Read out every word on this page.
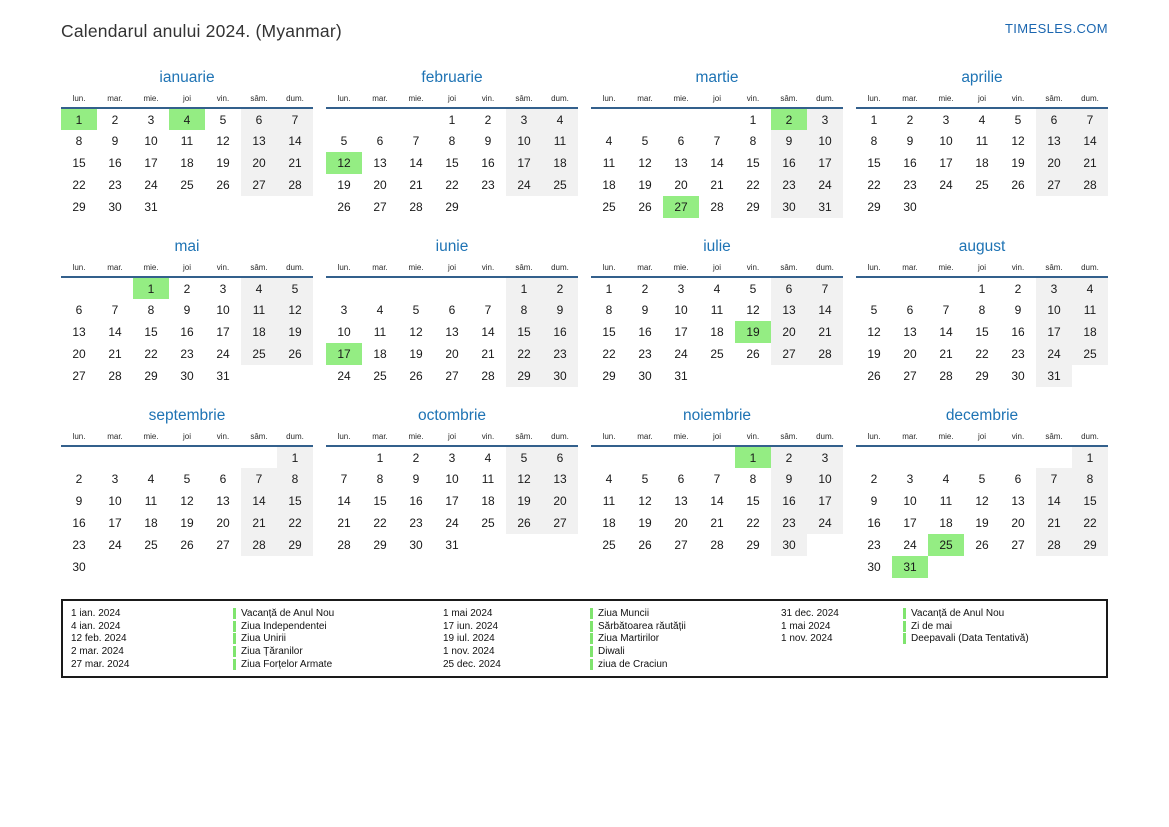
Calendarul anului 2024. (Myanmar)	TIMESLES.COM
ianuarie
lun.	mar.	mie.	joi	vin.	sâm.	dum.
1	2	3	4	5	6	7
8	9	10	11	12	13	14
15	16	17	18	19	20	21
22	23	24	25	26	27	28
29	30	31				
februarie
lun.	mar.	mie.	joi	vin.	sâm.	dum.
			1	2	3	4
5	6	7	8	9	10	11
12	13	14	15	16	17	18
19	20	21	22	23	24	25
26	27	28	29			
martie
lun.	mar.	mie.	joi	vin.	sâm.	dum.
				1	2	3
4	5	6	7	8	9	10
11	12	13	14	15	16	17
18	19	20	21	22	23	24
25	26	27	28	29	30	31
aprilie
lun.	mar.	mie.	joi	vin.	sâm.	dum.
1	2	3	4	5	6	7
8	9	10	11	12	13	14
15	16	17	18	19	20	21
22	23	24	25	26	27	28
29	30					
mai
lun.	mar.	mie.	joi	vin.	sâm.	dum.
		1	2	3	4	5
6	7	8	9	10	11	12
13	14	15	16	17	18	19
20	21	22	23	24	25	26
27	28	29	30	31		
iunie
lun.	mar.	mie.	joi	vin.	sâm.	dum.
					1	2
3	4	5	6	7	8	9
10	11	12	13	14	15	16
17	18	19	20	21	22	23
24	25	26	27	28	29	30
iulie
lun.	mar.	mie.	joi	vin.	sâm.	dum.
1	2	3	4	5	6	7
8	9	10	11	12	13	14
15	16	17	18	19	20	21
22	23	24	25	26	27	28
29	30	31				
august
lun.	mar.	mie.	joi	vin.	sâm.	dum.
			1	2	3	4
5	6	7	8	9	10	11
12	13	14	15	16	17	18
19	20	21	22	23	24	25
26	27	28	29	30	31	
septembrie
lun.	mar.	mie.	joi	vin.	sâm.	dum.
						1
2	3	4	5	6	7	8
9	10	11	12	13	14	15
16	17	18	19	20	21	22
23	24	25	26	27	28	29
30						
octombrie
lun.	mar.	mie.	joi	vin.	sâm.	dum.
	1	2	3	4	5	6
7	8	9	10	11	12	13
14	15	16	17	18	19	20
21	22	23	24	25	26	27
28	29	30	31			
noiembrie
lun.	mar.	mie.	joi	vin.	sâm.	dum.
				1	2	3
4	5	6	7	8	9	10
11	12	13	14	15	16	17
18	19	20	21	22	23	24
25	26	27	28	29	30	
decembrie
lun.	mar.	mie.	joi	vin.	sâm.	dum.
						1
2	3	4	5	6	7	8
9	10	11	12	13	14	15
16	17	18	19	20	21	22
23	24	25	26	27	28	29
30	31					
1 ian. 2024	Vacanță de Anul Nou
4 ian. 2024	Ziua Independentei
12 feb. 2024	Ziua Unirii
2 mar. 2024	Ziua Țăranilor
27 mar. 2024	Ziua Forțelor Armate
1 mai 2024	Ziua Muncii
17 iun. 2024	Sărbătoarea răutății
19 iul. 2024	Ziua Martirilor
1 nov. 2024	Diwali
25 dec. 2024	ziua de Craciun
31 dec. 2024	Vacanță de Anul Nou
1 mai 2024	Zi de mai
1 nov. 2024	Deepavali (Data Tentativă)
